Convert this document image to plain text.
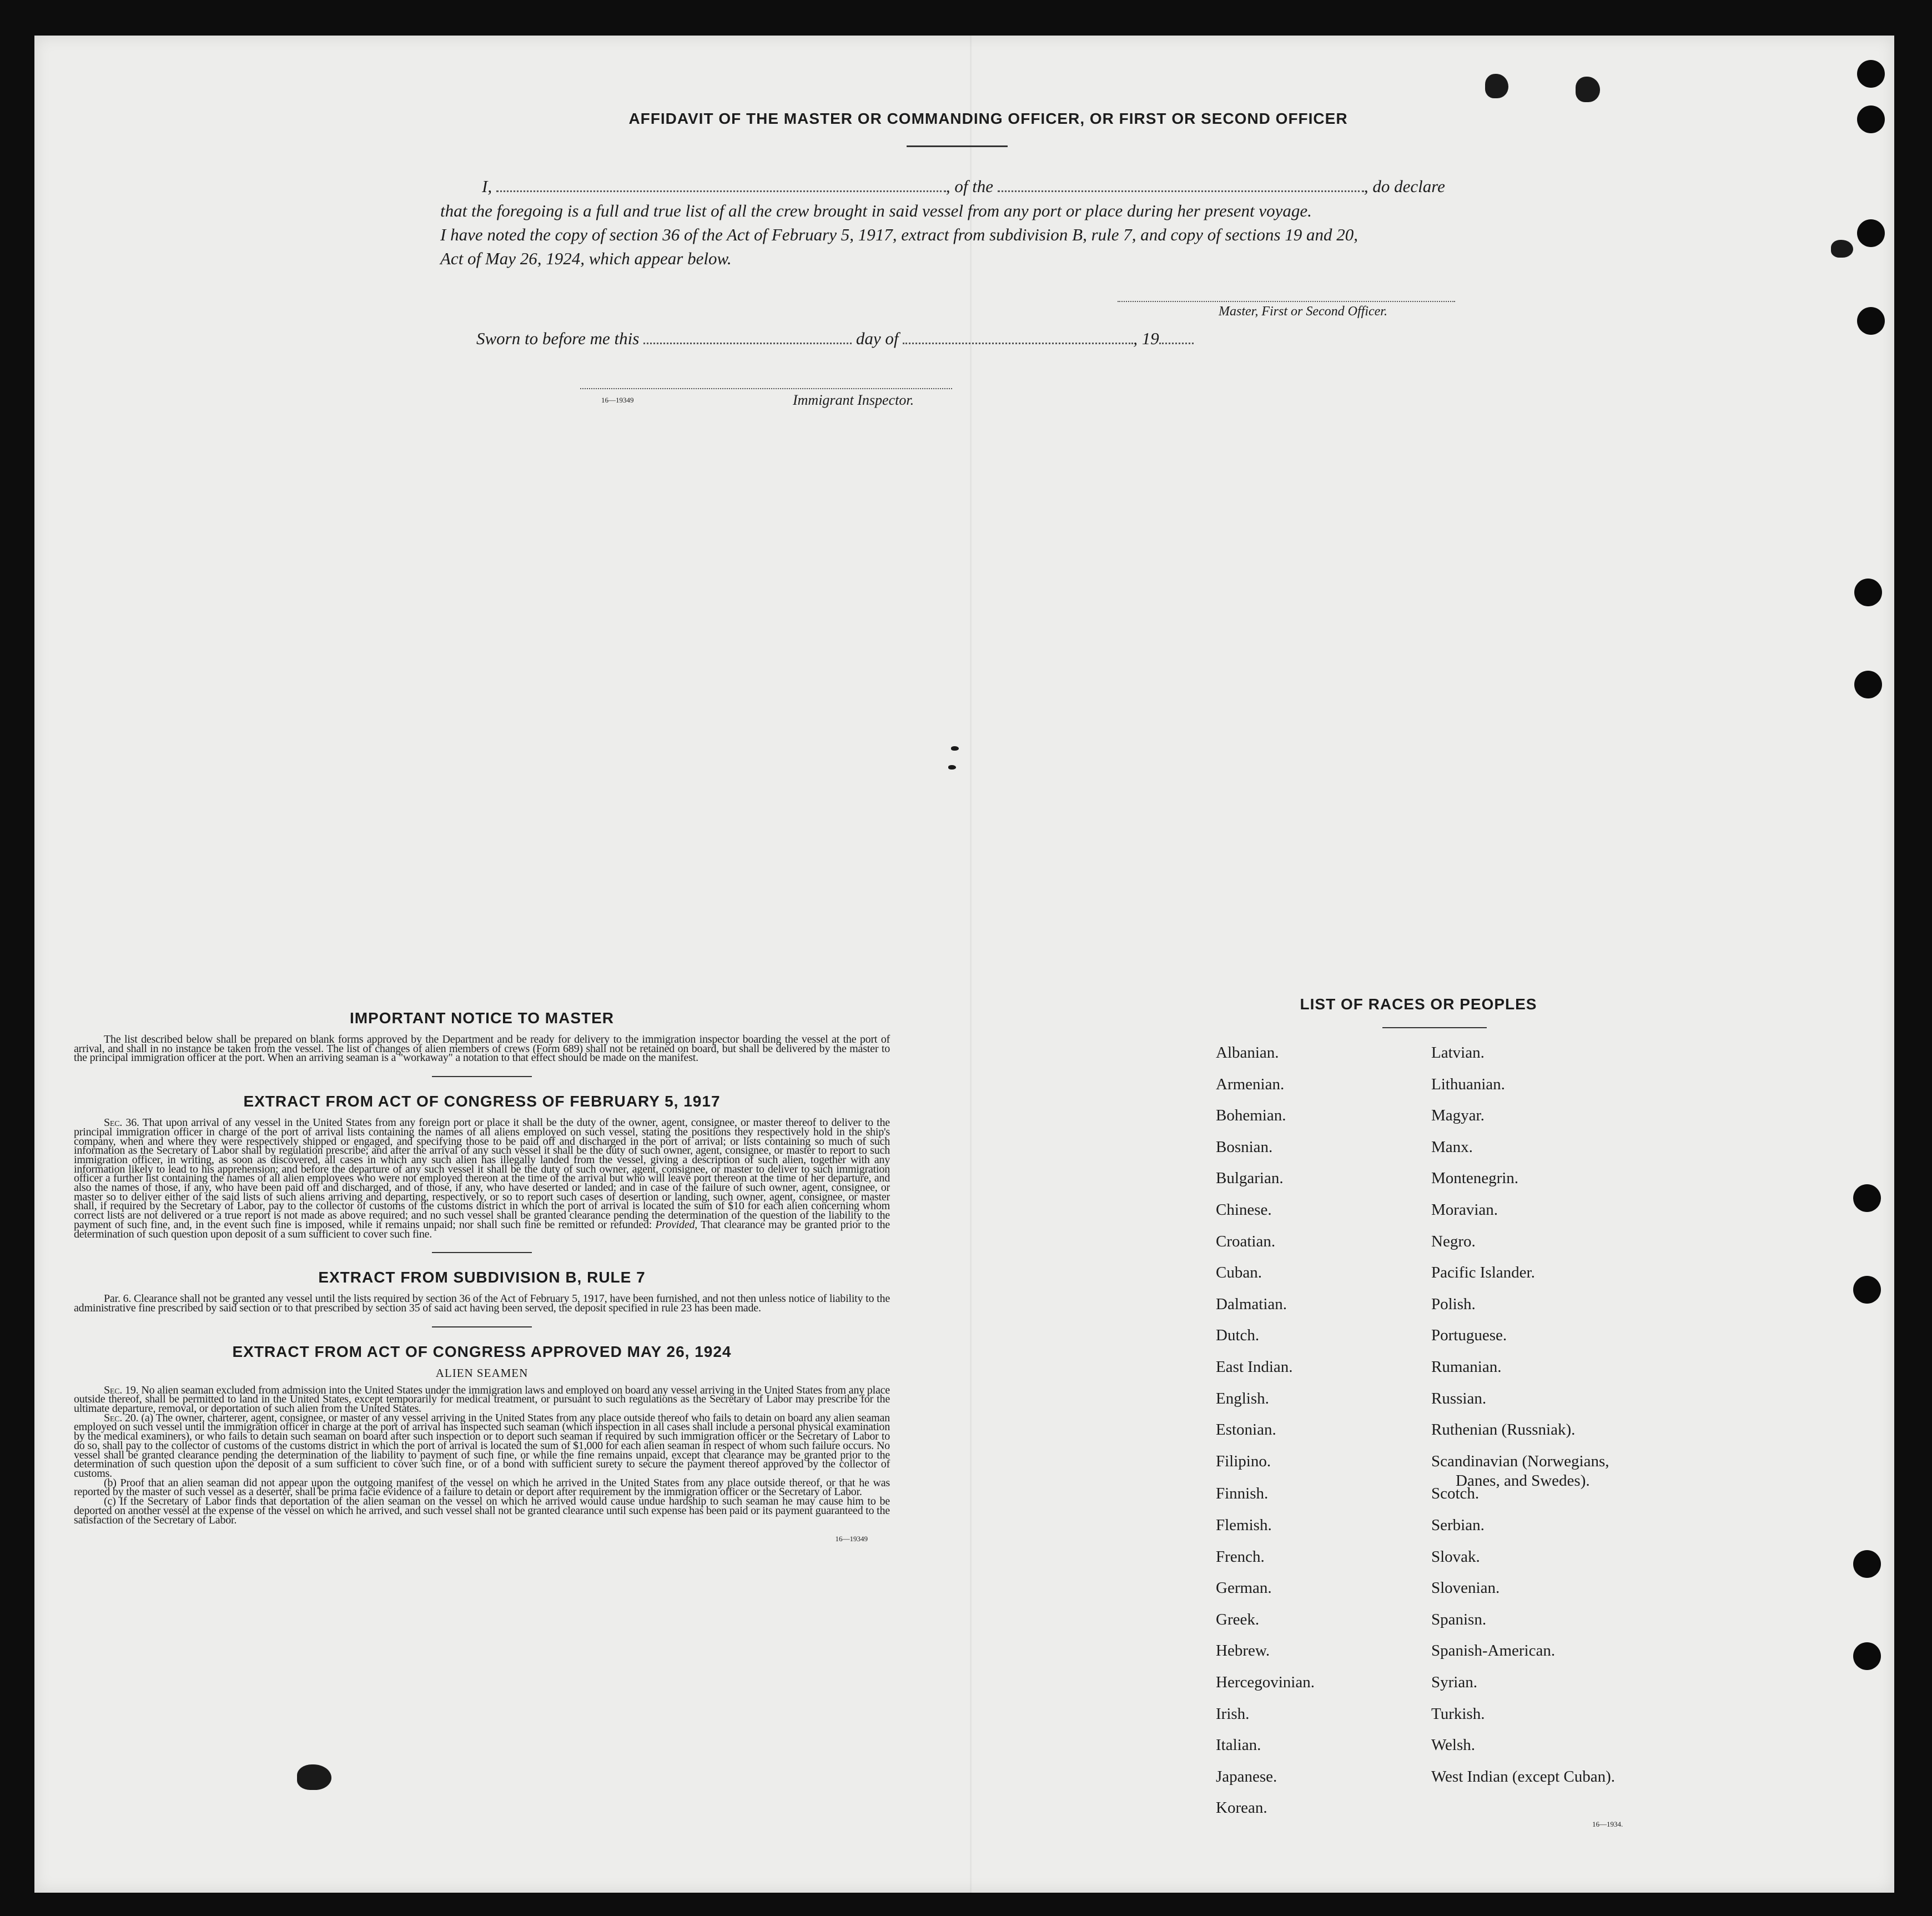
AFFIDAVIT OF THE MASTER OR COMMANDING OFFICER, OR FIRST OR SECOND OFFICER
I,	, of the	, do declare
that the foregoing is a full and true list of all the crew brought in said vessel from any port or place during her present voyage.
I have noted the copy of section 36 of the Act of February 5, 1917, extract from subdivision B, rule 7, and copy of sections 19 and 20,
Act of May 26, 1924, which appear below.
Master, First or Second Officer.
Sworn to before me this	day of	, 19
16—19349	Immigrant Inspector.
IMPORTANT NOTICE TO MASTER

The list described below shall be prepared on blank forms approved by the Department and be ready for delivery to the immigration inspector boarding the vessel at the port of arrival, and shall in no instance be taken from the vessel. The list of changes of alien members of crews (Form 689) shall not be retained on board, but shall be delivered by the master to the principal immigration officer at the port. When an arriving seaman is a "workaway" a notation to that effect should be made on the manifest.

EXTRACT FROM ACT OF CONGRESS OF FEBRUARY 5, 1917

Sec. 36. That upon arrival of any vessel in the United States from any foreign port or place it shall be the duty of the owner, agent, consignee, or master thereof to deliver to the principal immigration officer in charge of the port of arrival lists containing the names of all aliens employed on such vessel, stating the positions they respectively hold in the ship's company, when and where they were respectively shipped or engaged, and specifying those to be paid off and discharged in the port of arrival; or lists containing so much of such information as the Secretary of Labor shall by regulation prescribe; and after the arrival of any such vessel it shall be the duty of such owner, agent, consignee, or master to report to such immigration officer, in writing, as soon as discovered, all cases in which any such alien has illegally landed from the vessel, giving a description of such alien, together with any information likely to lead to his apprehension; and before the departure of any such vessel it shall be the duty of such owner, agent, consignee, or master to deliver to such immigration officer a further list containing the names of all alien employees who were not employed thereon at the time of the arrival but who will leave port thereon at the time of her departure, and also the names of those, if any, who have been paid off and discharged, and of those, if any, who have deserted or landed; and in case of the failure of such owner, agent, consignee, or master so to deliver either of the said lists of such aliens arriving and departing, respectively, or so to report such cases of desertion or landing, such owner, agent, consignee, or master shall, if required by the Secretary of Labor, pay to the collector of customs of the customs district in which the port of arrival is located the sum of $10 for each alien concerning whom correct lists are not delivered or a true report is not made as above required; and no such vessel shall be granted clearance pending the determination of the question of the liability to the payment of such fine, and, in the event such fine is imposed, while it remains unpaid; nor shall such fine be remitted or refunded: Provided, That clearance may be granted prior to the determination of such question upon deposit of a sum sufficient to cover such fine.

EXTRACT FROM SUBDIVISION B, RULE 7

Par. 6. Clearance shall not be granted any vessel until the lists required by section 36 of the Act of February 5, 1917, have been furnished, and not then unless notice of liability to the administrative fine prescribed by said section or to that prescribed by section 35 of said act having been served, the deposit specified in rule 23 has been made.

EXTRACT FROM ACT OF CONGRESS APPROVED MAY 26, 1924
ALIEN SEAMEN

Sec. 19. No alien seaman excluded from admission into the United States under the immigration laws and employed on board any vessel arriving in the United States from any place outside thereof, shall be permitted to land in the United States, except temporarily for medical treatment, or pursuant to such regulations as the Secretary of Labor may prescribe for the ultimate departure, removal, or deportation of such alien from the United States.

Sec. 20. (a) The owner, charterer, agent, consignee, or master of any vessel arriving in the United States from any place outside thereof who fails to detain on board any alien seaman employed on such vessel until the immigration officer in charge at the port of arrival has inspected such seaman (which inspection in all cases shall include a personal physical examination by the medical examiners), or who fails to detain such seaman on board after such inspection or to deport such seaman if required by such immigration officer or the Secretary of Labor to do so, shall pay to the collector of customs of the customs district in which the port of arrival is located the sum of $1,000 for each alien seaman in respect of whom such failure occurs. No vessel shall be granted clearance pending the determination of the liability to payment of such fine, or while the fine remains unpaid, except that clearance may be granted prior to the determination of such question upon the deposit of a sum sufficient to cover such fine, or of a bond with sufficient surety to secure the payment thereof approved by the collector of customs.

(b) Proof that an alien seaman did not appear upon the outgoing manifest of the vessel on which he arrived in the United States from any place outside thereof, or that he was reported by the master of such vessel as a deserter, shall be prima facie evidence of a failure to detain or deport after requirement by the immigration officer or the Secretary of Labor.

(c) If the Secretary of Labor finds that deportation of the alien seaman on the vessel on which he arrived would cause undue hardship to such seaman he may cause him to be deported on another vessel at the expense of the vessel on which he arrived, and such vessel shall not be granted clearance until such expense has been paid or its payment guaranteed to the satisfaction of the Secretary of Labor.

16—19349
LIST OF RACES OR PEOPLES
Albanian.
Armenian.
Bohemian.
Bosnian.
Bulgarian.
Chinese.
Croatian.
Cuban.
Dalmatian.
Dutch.
East Indian.
English.
Estonian.
Filipino.
Finnish.
Flemish.
French.
German.
Greek.
Hebrew.
Hercegovinian.
Irish.
Italian.
Japanese.
Korean.
Latvian.
Lithuanian.
Magyar.
Manx.
Montenegrin.
Moravian.
Negro.
Pacific Islander.
Polish.
Portuguese.
Rumanian.
Russian.
Ruthenian (Russniak).
Scandinavian (Norwegians,
Danes, and Swedes).
Scotch.
Serbian.
Slovak.
Slovenian.
Spanisn.
Spanish-American.
Syrian.
Turkish.
Welsh.
West Indian (except Cuban).
16—1934.
